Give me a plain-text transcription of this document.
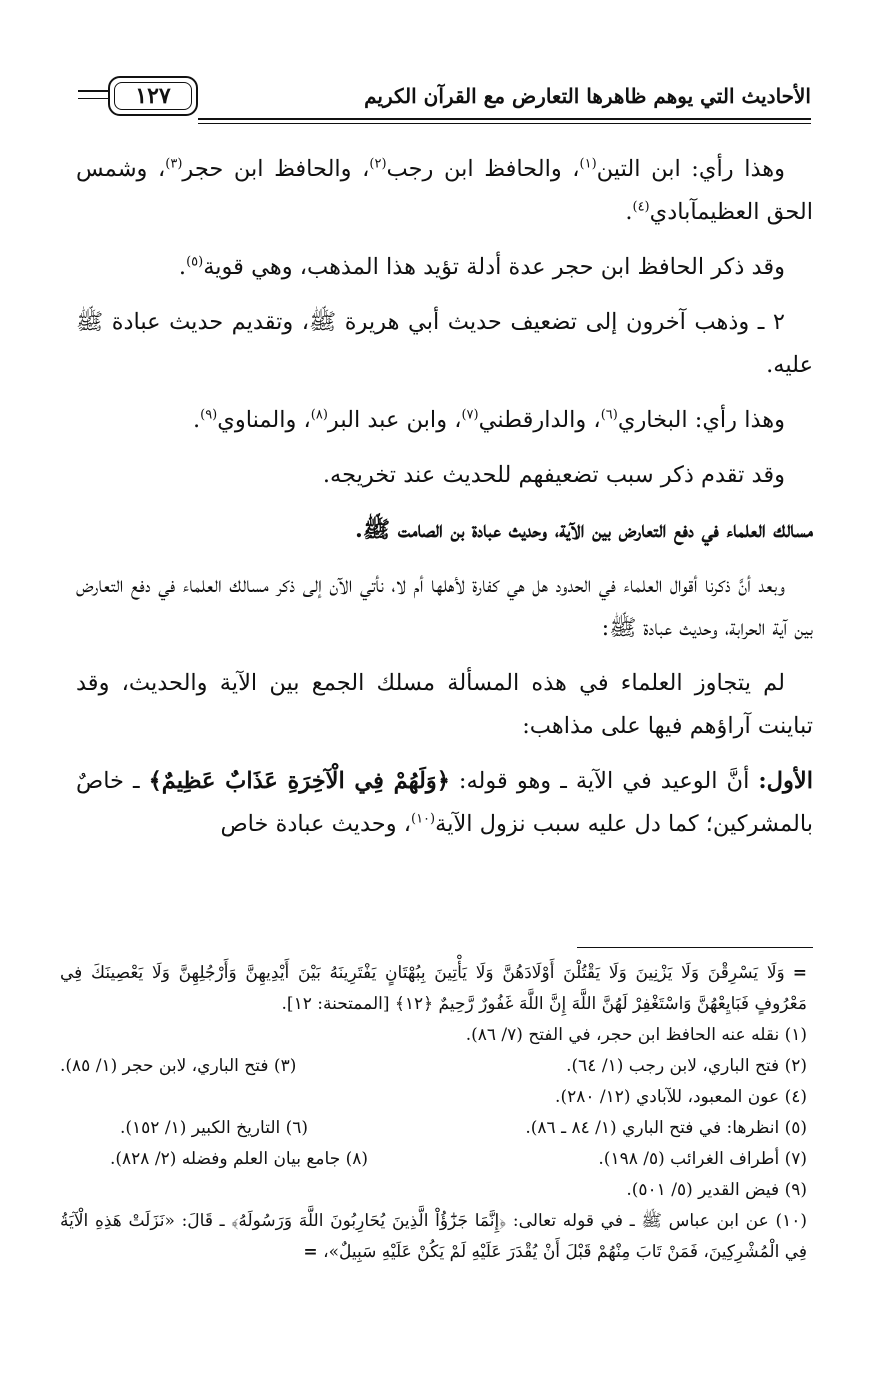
الأحاديث التي يوهم ظاهرها التعارض مع القرآن الكريم
١٢٧

وهذا رأي: ابن التين$^{(١)}$، والحافظ ابن رجب$^{(٢)}$، والحافظ ابن حجر$^{(٣)}$، وشمس الحق العظيمآبادي$^{(٤)}$.

وقد ذكر الحافظ ابن حجر عدة أدلة تؤيد هذا المذهب، وهي قوية$^{(٥)}$.

٢ ـ وذهب آخرون إلى تضعيف حديث أبي هريرة ﷺ، وتقديم حديث عبادة ﷺ عليه.

وهذا رأي: البخاري$^{(٦)}$، والدارقطني$^{(٧)}$، وابن عبد البر$^{(٨)}$، والمناوي$^{(٩)}$.

وقد تقدم ذكر سبب تضعيفهم للحديث عند تخريجه.

مسالك العلماء في دفع التعارض بين الآية، وحديث عبادة بن الصامت ﷺ.

وبعد أنَّ ذكرنا أقوال العلماء في الحدود هل هي كفارة لأهلها أم لا، نأتي الآن إلى ذكر مسالك العلماء في دفع التعارض بين آية الحرابة، وحديث عبادة ﷺ:

لم يتجاوز العلماء في هذه المسألة مسلك الجمع بين الآية والحديث، وقد تباينت آراؤهم فيها على مذاهب:

الأول: أنَّ الوعيد في الآية ـ وهو قوله: ﴿وَلَهُمْ فِي الْآخِرَةِ عَذَابٌ عَظِيمٌ﴾ ـ خاصٌ بالمشركين؛ كما دل عليه سبب نزول الآية$^{(١٠)}$، وحديث عبادة خاص

=وَلَا يَسْرِقْنَ وَلَا يَزْنِينَ وَلَا يَقْتُلْنَ أَوْلَادَهُنَّ وَلَا يَأْتِينَ بِبُهْتَانٍ يَفْتَرِينَهُ بَيْنَ أَيْدِيهِنَّ وَأَرْجُلِهِنَّ وَلَا يَعْصِينَكَ فِي مَعْرُوفٍ فَبَايِعْهُنَّ وَاسْتَغْفِرْ لَهُنَّ اللَّهَ إِنَّ اللَّهَ غَفُورٌ رَّحِيمٌ ﴿١٢﴾ [الممتحنة: ١٢].
(١) نقله عنه الحافظ ابن حجر، في الفتح (٧/ ٨٦).
(٢) فتح الباري، لابن رجب (١/ ٦٤).
(٣) فتح الباري، لابن حجر (١/ ٨٥).
(٤) عون المعبود، للآبادي (١٢/ ٢٨٠).
(٥) انظرها: في فتح الباري (١/ ٨٤ ـ ٨٦).
(٦) التاريخ الكبير (١/ ١٥٢).
(٧) أطراف الغرائب (٥/ ١٩٨).
(٨) جامع بيان العلم وفضله (٢/ ٨٢٨).
(٩) فيض القدير (٥/ ٥٠١).
(١٠) عن ابن عباس ﷺ ـ في قوله تعالى: ﴿إِنَّمَا جَزَٰٓؤُاْ الَّذِينَ يُحَارِبُونَ اللَّهَ وَرَسُولَهُ﴾ ـ قَالَ: «نَزَلَتْ هَذِهِ الْآيَةُ فِي الْمُشْرِكِينَ، فَمَنْ تَابَ مِنْهُمْ قَبْلَ أَنْ يُقْدَرَ عَلَيْهِ لَمْ يَكُنْ عَلَيْهِ سَبِيلٌ»، =
